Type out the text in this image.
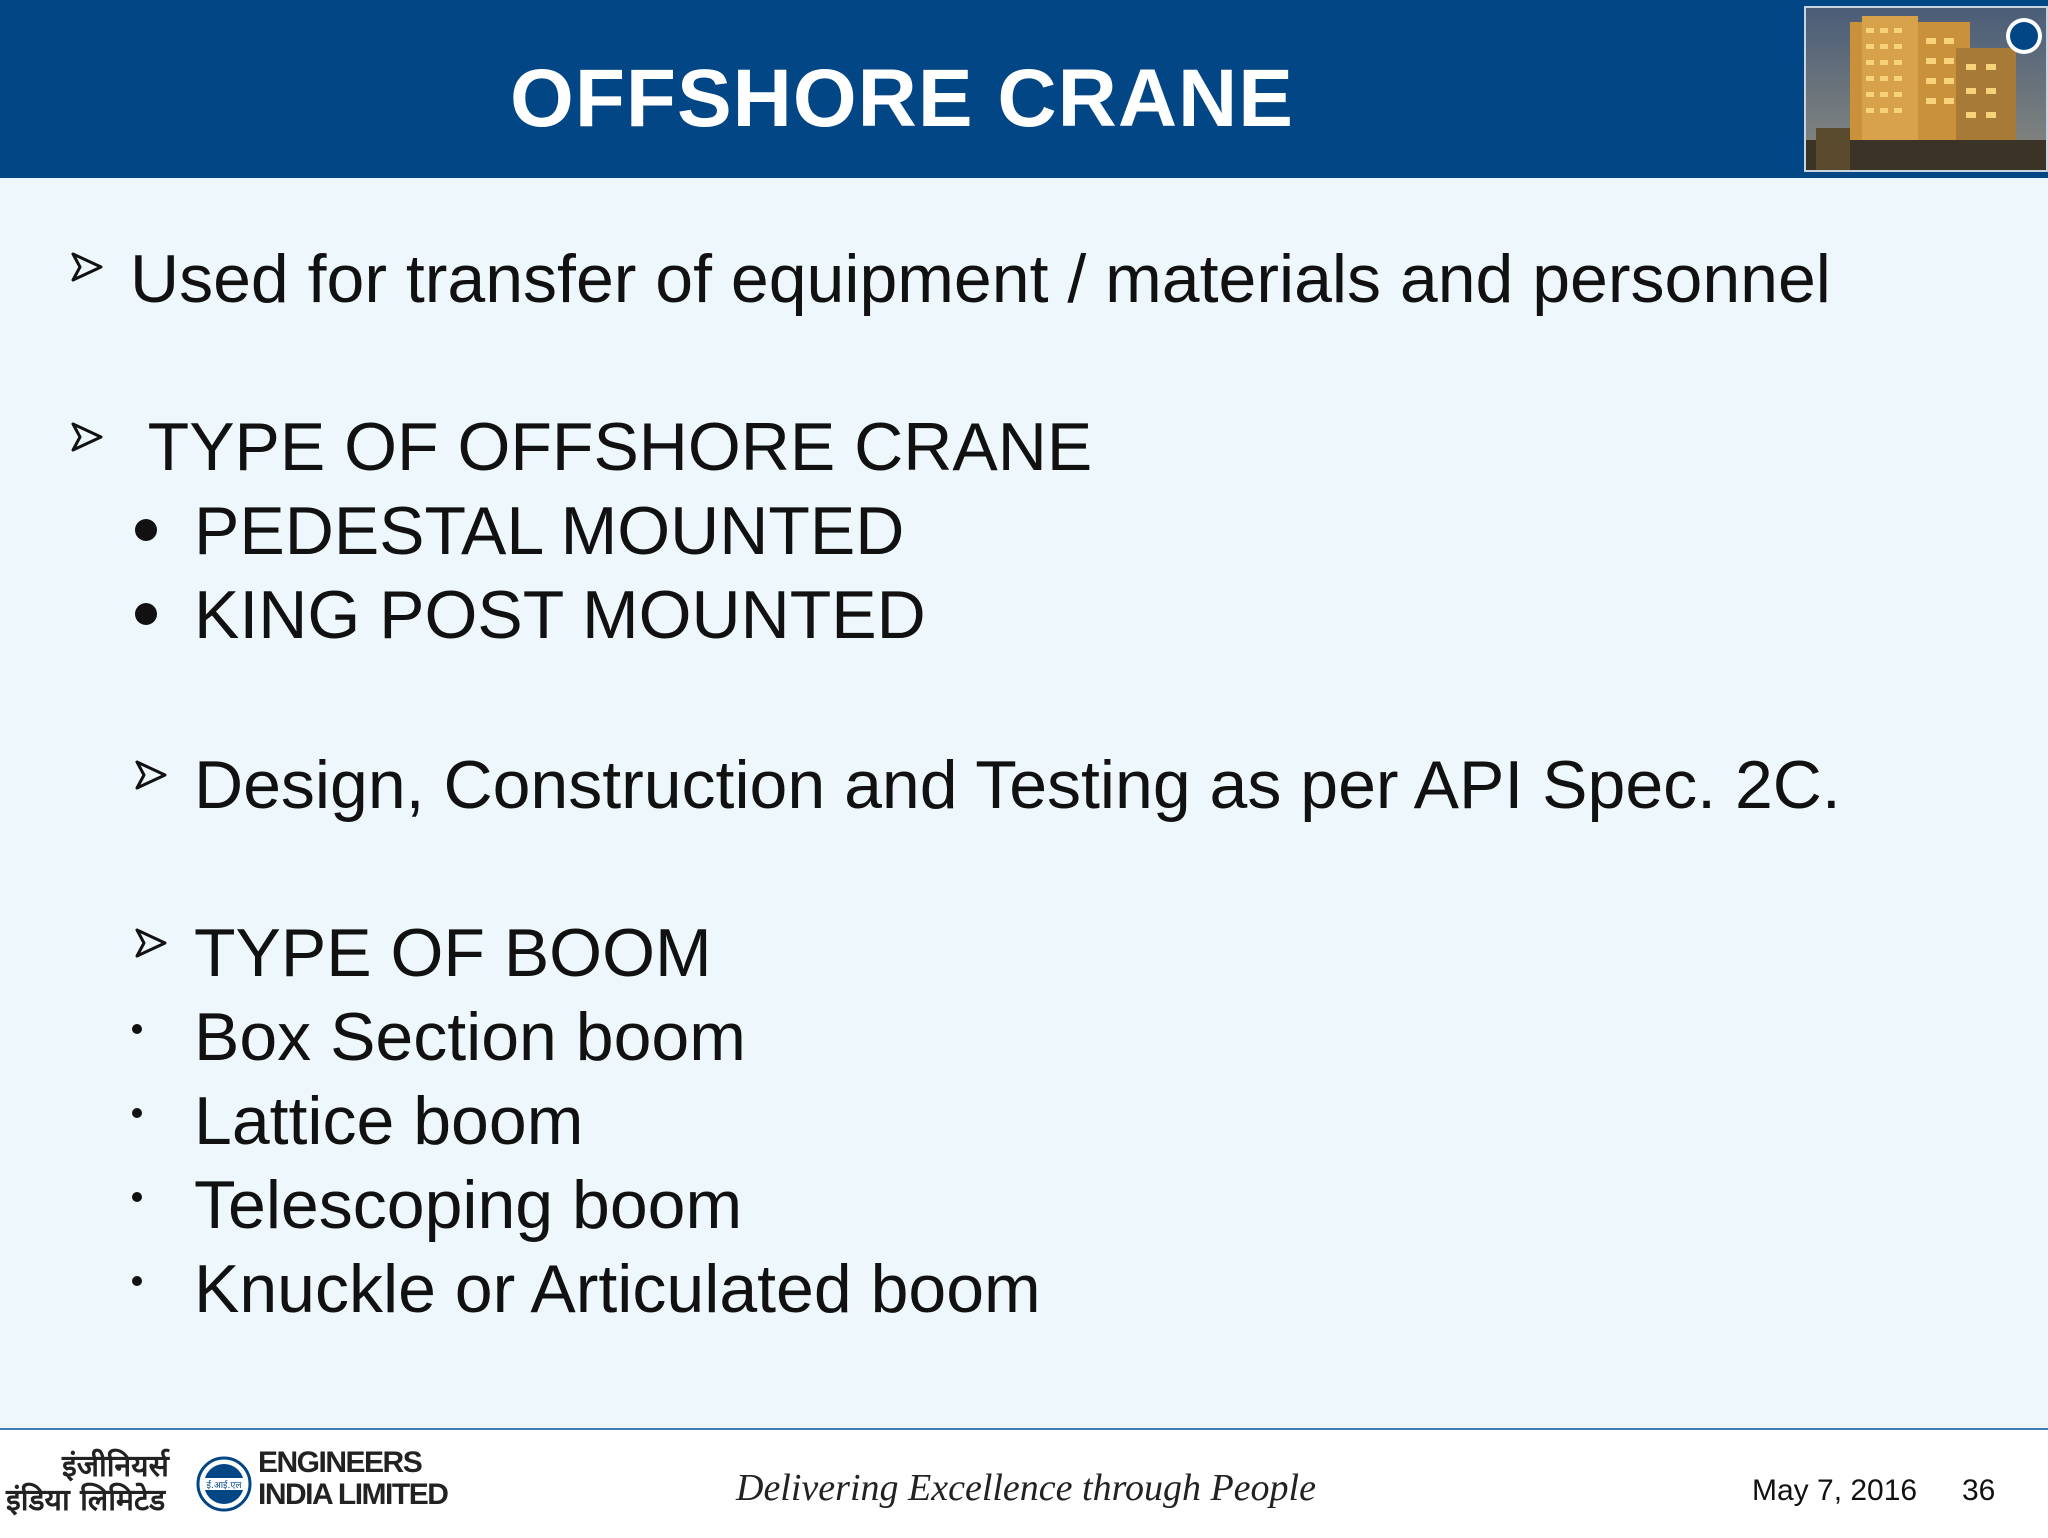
OFFSHORE CRANE
Used for transfer of equipment / materials and personnel
TYPE OF OFFSHORE CRANE
PEDESTAL MOUNTED
KING POST MOUNTED
Design, Construction and Testing as per API Spec. 2C.
TYPE OF BOOM
Box Section boom
Lattice boom
Telescoping boom
Knuckle or Articulated boom
इंजीनियर्स
इंडिया लिमिटेड	ई.आई.एल
ENGINEERS
INDIA LIMITED	Delivering Excellence through People	May 7, 2016 36
